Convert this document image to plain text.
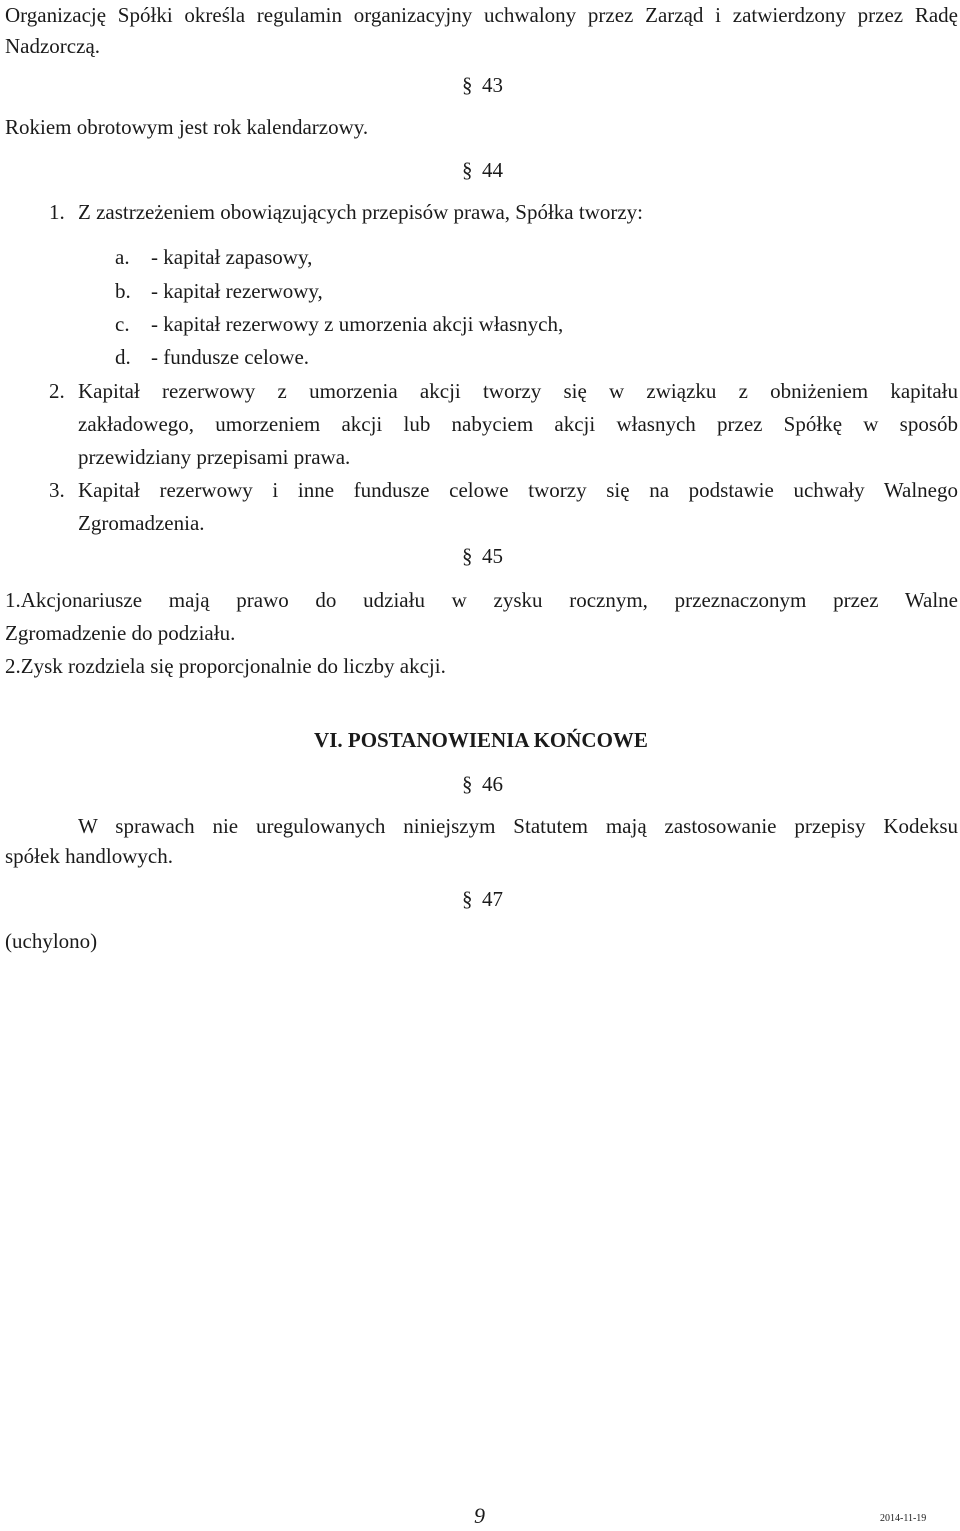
Organizację Spółki określa regulamin organizacyjny uchwalony przez Zarząd i zatwierdzony przez Radę
Nadzorczą.
§ 43
Rokiem obrotowym jest rok kalendarzowy.
§ 44
1. Z zastrzeżeniem obowiązujących przepisów prawa, Spółka tworzy:
a. - kapitał zapasowy,
b. - kapitał rezerwowy,
c. - kapitał rezerwowy z umorzenia akcji własnych,
d. - fundusze celowe.
2. Kapitał rezerwowy z umorzenia akcji tworzy się w związku z obniżeniem kapitału
zakładowego, umorzeniem akcji lub nabyciem akcji własnych przez Spółkę w sposób
przewidziany przepisami prawa.
3. Kapitał rezerwowy i inne fundusze celowe tworzy się na podstawie uchwały Walnego
Zgromadzenia.
§ 45
1.Akcjonariusze mają prawo do udziału w zysku rocznym, przeznaczonym przez Walne
Zgromadzenie do podziału.
2.Zysk rozdziela się proporcjonalnie do liczby akcji.
VI. POSTANOWIENIA KOŃCOWE
§ 46
W sprawach nie uregulowanych niniejszym Statutem mają zastosowanie przepisy Kodeksu
spółek handlowych.
§ 47
(uchylono)
9	2014-11-19
